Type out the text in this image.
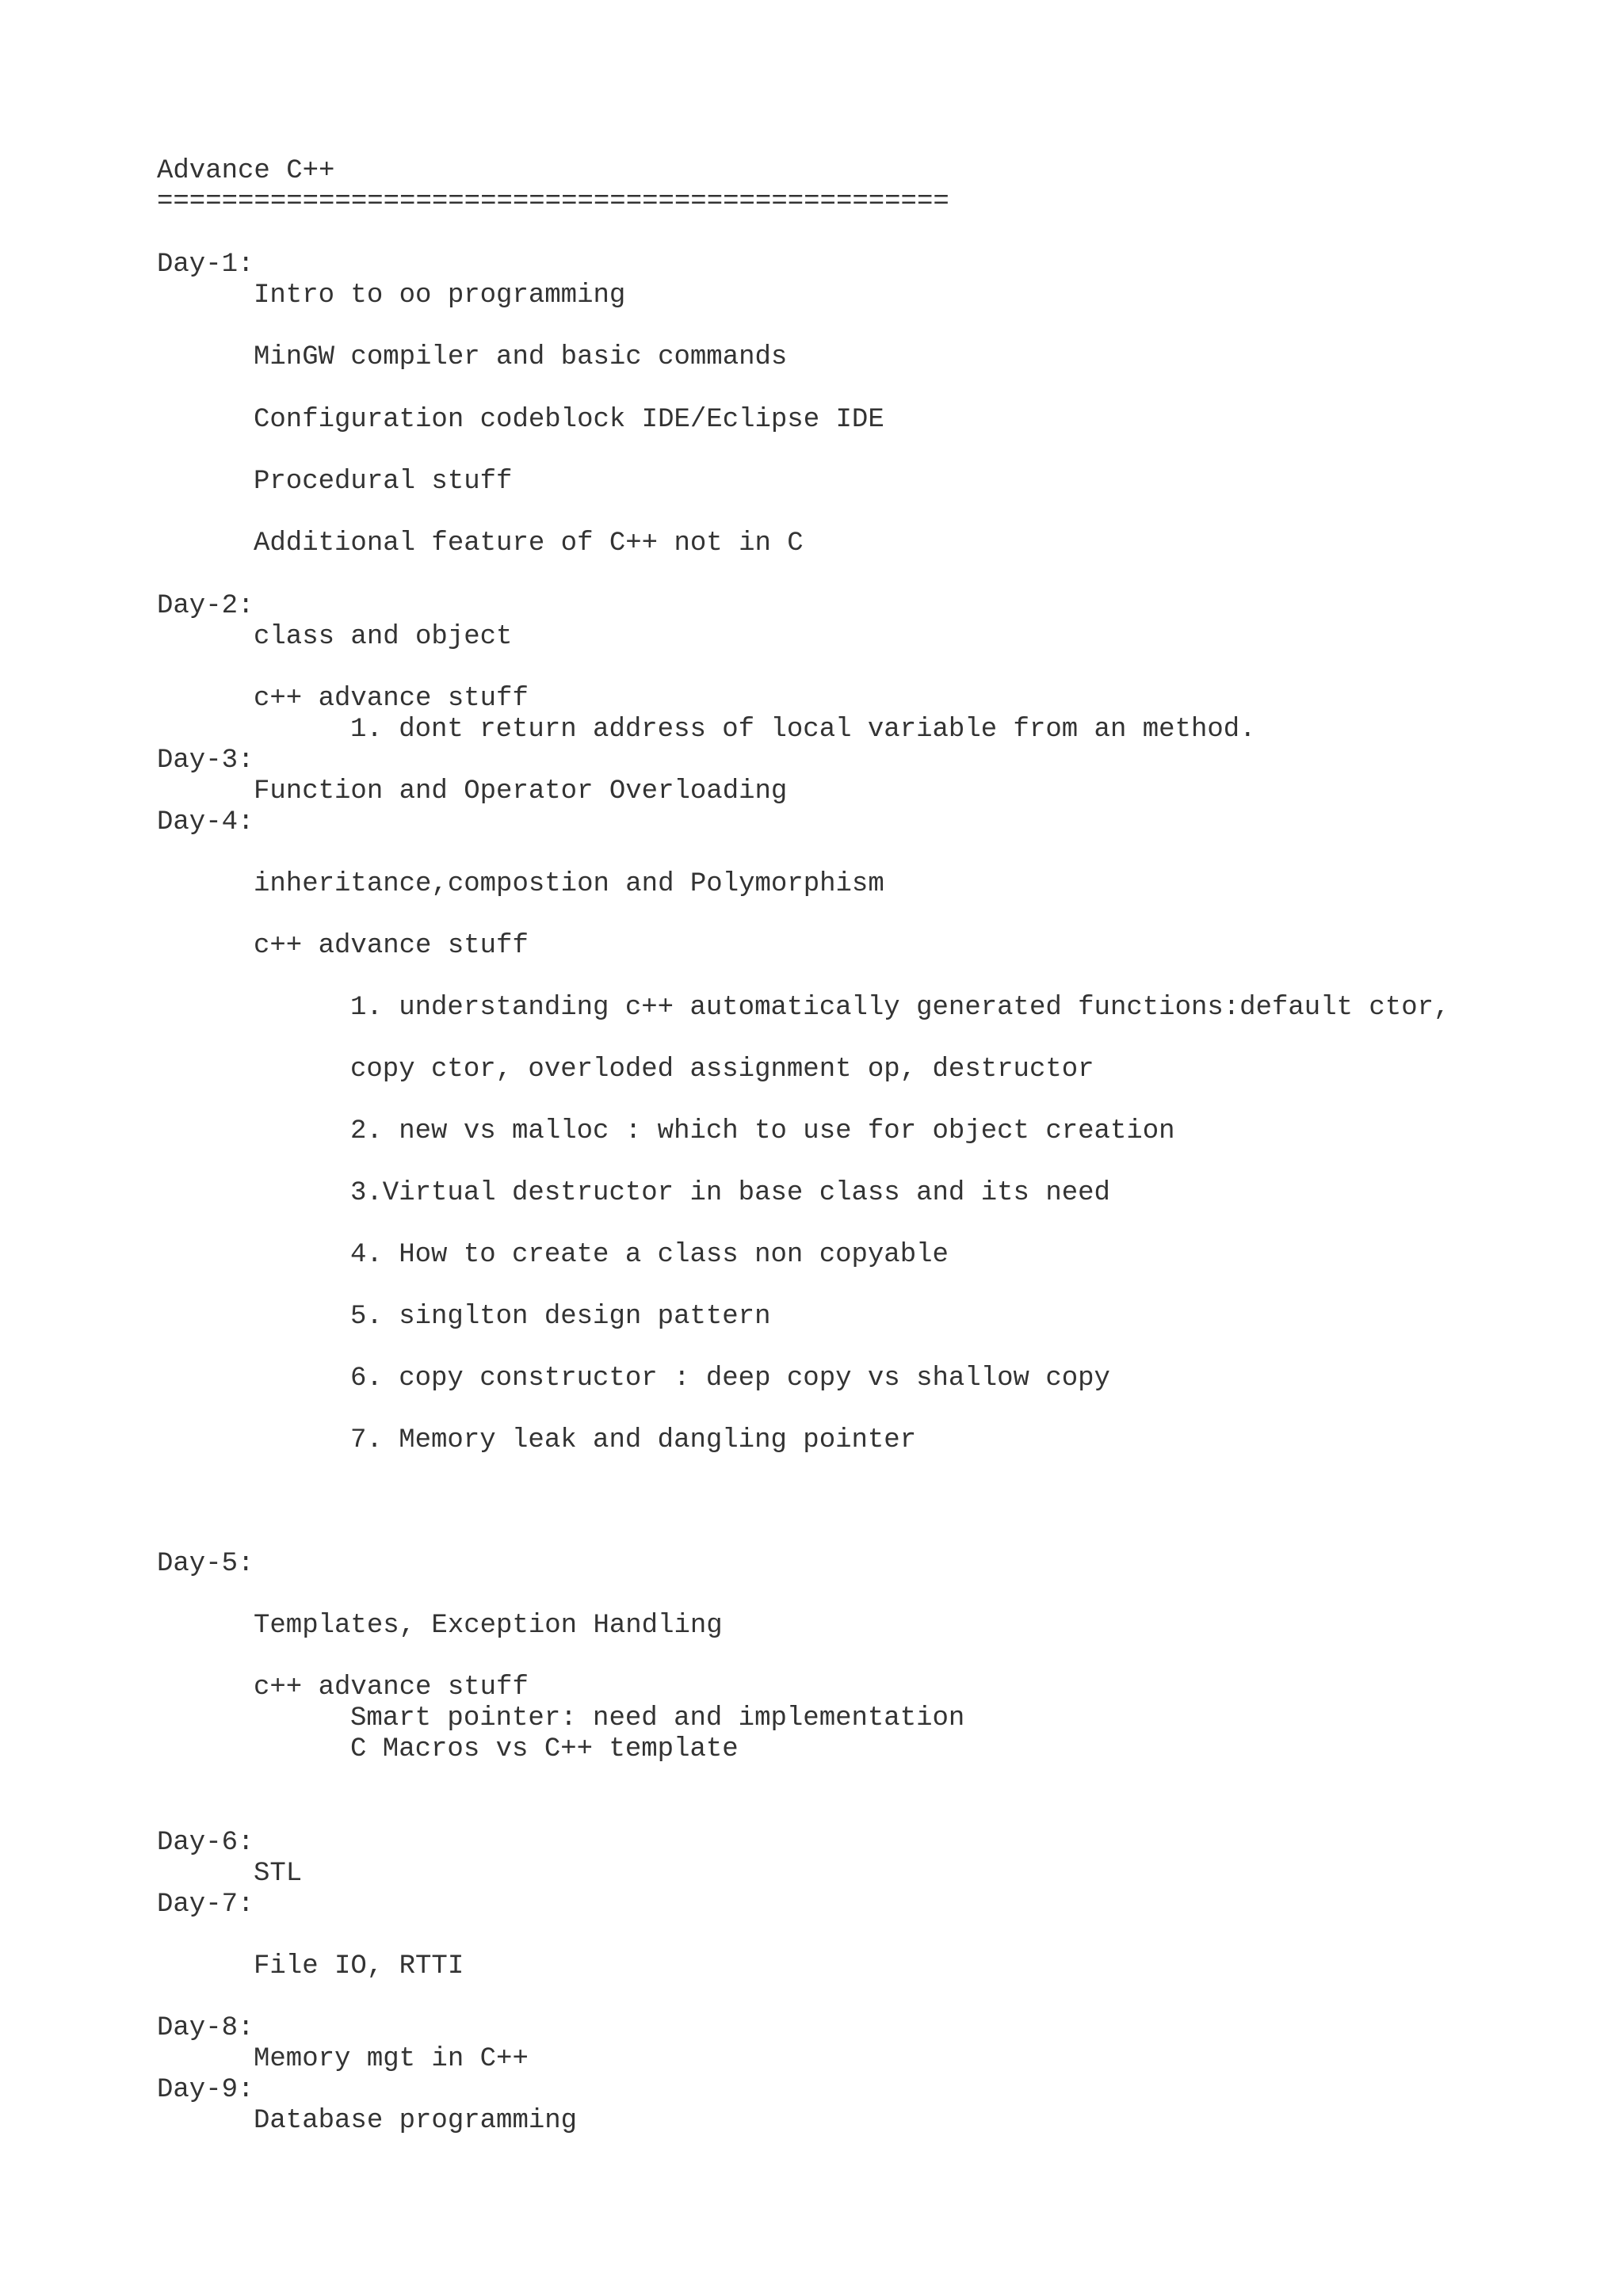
Advance C++

=================================================

Day-1:

Intro to oo programming

MinGW compiler and basic commands

Configuration codeblock IDE/Eclipse IDE

Procedural stuff

Additional feature of C++ not in C

Day-2:

class and object

c++ advance stuff

1. dont return address of local variable from an method.

Day-3:

Function and Operator Overloading

Day-4:

inheritance,compostion and Polymorphism

c++ advance stuff

1. understanding c++ automatically generated functions:default ctor,

copy ctor, overloded assignment op, destructor

2. new vs malloc : which to use for object creation

3.Virtual destructor in base class and its need

4. How to create a class non copyable

5. singlton design pattern

6. copy constructor : deep copy vs shallow copy

7. Memory leak and dangling pointer

Day-5:

Templates, Exception Handling

c++ advance stuff

Smart pointer: need and implementation

C Macros vs C++ template

Day-6:

STL

Day-7:

File IO, RTTI

Day-8:

Memory mgt in C++

Day-9:

Database programming
